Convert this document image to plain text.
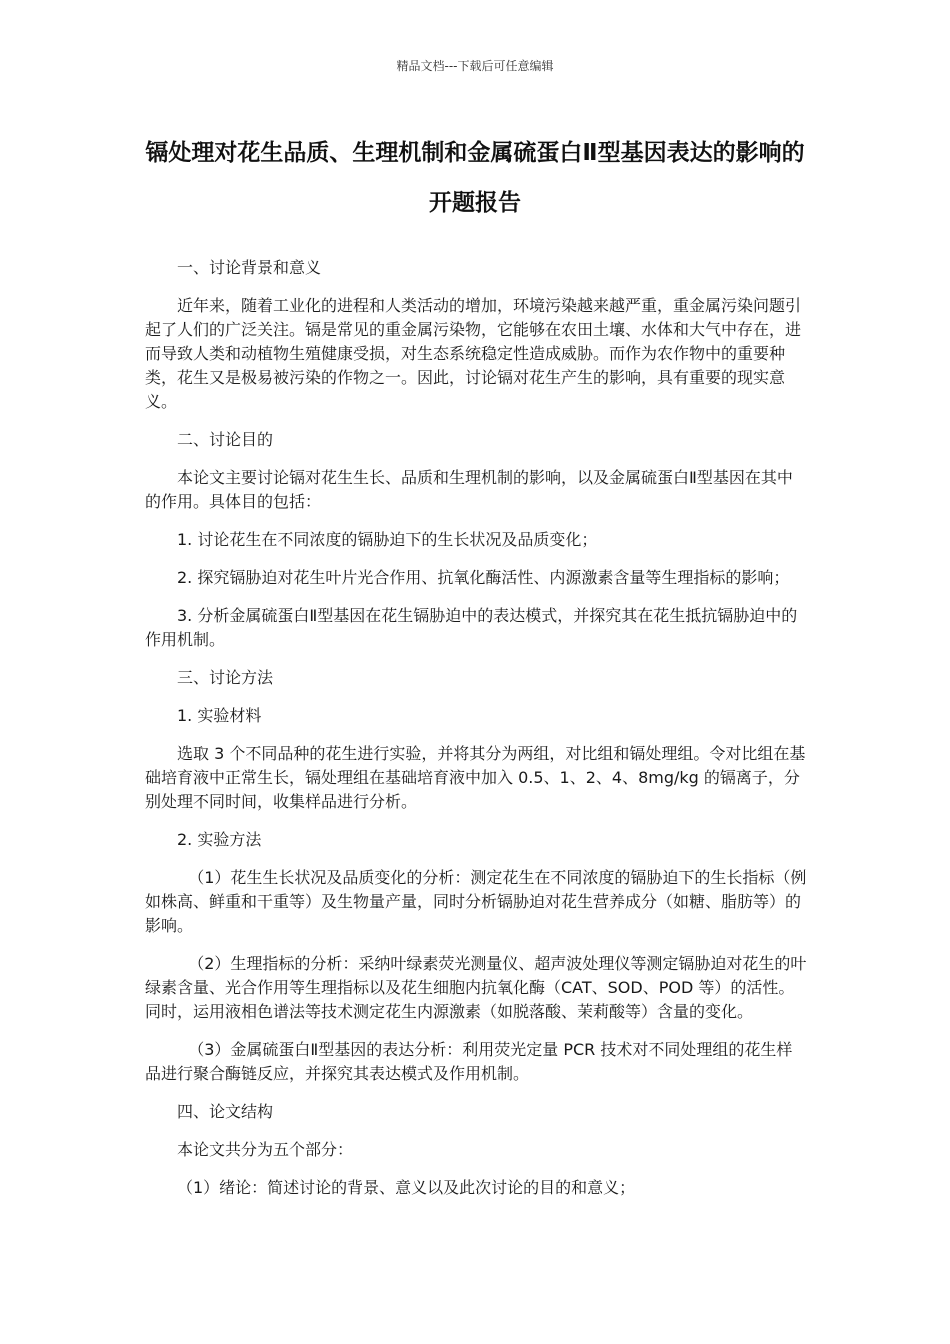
精品文档---下载后可任意编辑
镉处理对花生品质、生理机制和金属硫蛋白Ⅱ型基因表达的影响的开题报告

一、讨论背景和意义

近年来，随着工业化的进程和人类活动的增加，环境污染越来越严重，重金属污染问题引起了人们的广泛关注。镉是常见的重金属污染物，它能够在农田土壤、水体和大气中存在，进而导致人类和动植物生殖健康受损，对生态系统稳定性造成威胁。而作为农作物中的重要种类，花生又是极易被污染的作物之一。因此，讨论镉对花生产生的影响，具有重要的现实意义。

二、讨论目的

本论文主要讨论镉对花生生长、品质和生理机制的影响，以及金属硫蛋白Ⅱ型基因在其中的作用。具体目的包括：

1. 讨论花生在不同浓度的镉胁迫下的生长状况及品质变化；

2. 探究镉胁迫对花生叶片光合作用、抗氧化酶活性、内源激素含量等生理指标的影响；

3. 分析金属硫蛋白Ⅱ型基因在花生镉胁迫中的表达模式，并探究其在花生抵抗镉胁迫中的作用机制。

三、讨论方法

1. 实验材料

选取 3 个不同品种的花生进行实验，并将其分为两组，对比组和镉处理组。令对比组在基础培育液中正常生长，镉处理组在基础培育液中加入 0.5、1、2、4、8mg/kg 的镉离子，分别处理不同时间，收集样品进行分析。

2. 实验方法

（1）花生生长状况及品质变化的分析：测定花生在不同浓度的镉胁迫下的生长指标（例如株高、鲜重和干重等）及生物量产量，同时分析镉胁迫对花生营养成分（如糖、脂肪等）的影响。

（2）生理指标的分析：采纳叶绿素荧光测量仪、超声波处理仪等测定镉胁迫对花生的叶绿素含量、光合作用等生理指标以及花生细胞内抗氧化酶（CAT、SOD、POD 等）的活性。同时，运用液相色谱法等技术测定花生内源激素（如脱落酸、茉莉酸等）含量的变化。

（3）金属硫蛋白Ⅱ型基因的表达分析：利用荧光定量 PCR 技术对不同处理组的花生样品进行聚合酶链反应，并探究其表达模式及作用机制。

四、论文结构

本论文共分为五个部分：

（1）绪论：简述讨论的背景、意义以及此次讨论的目的和意义；
